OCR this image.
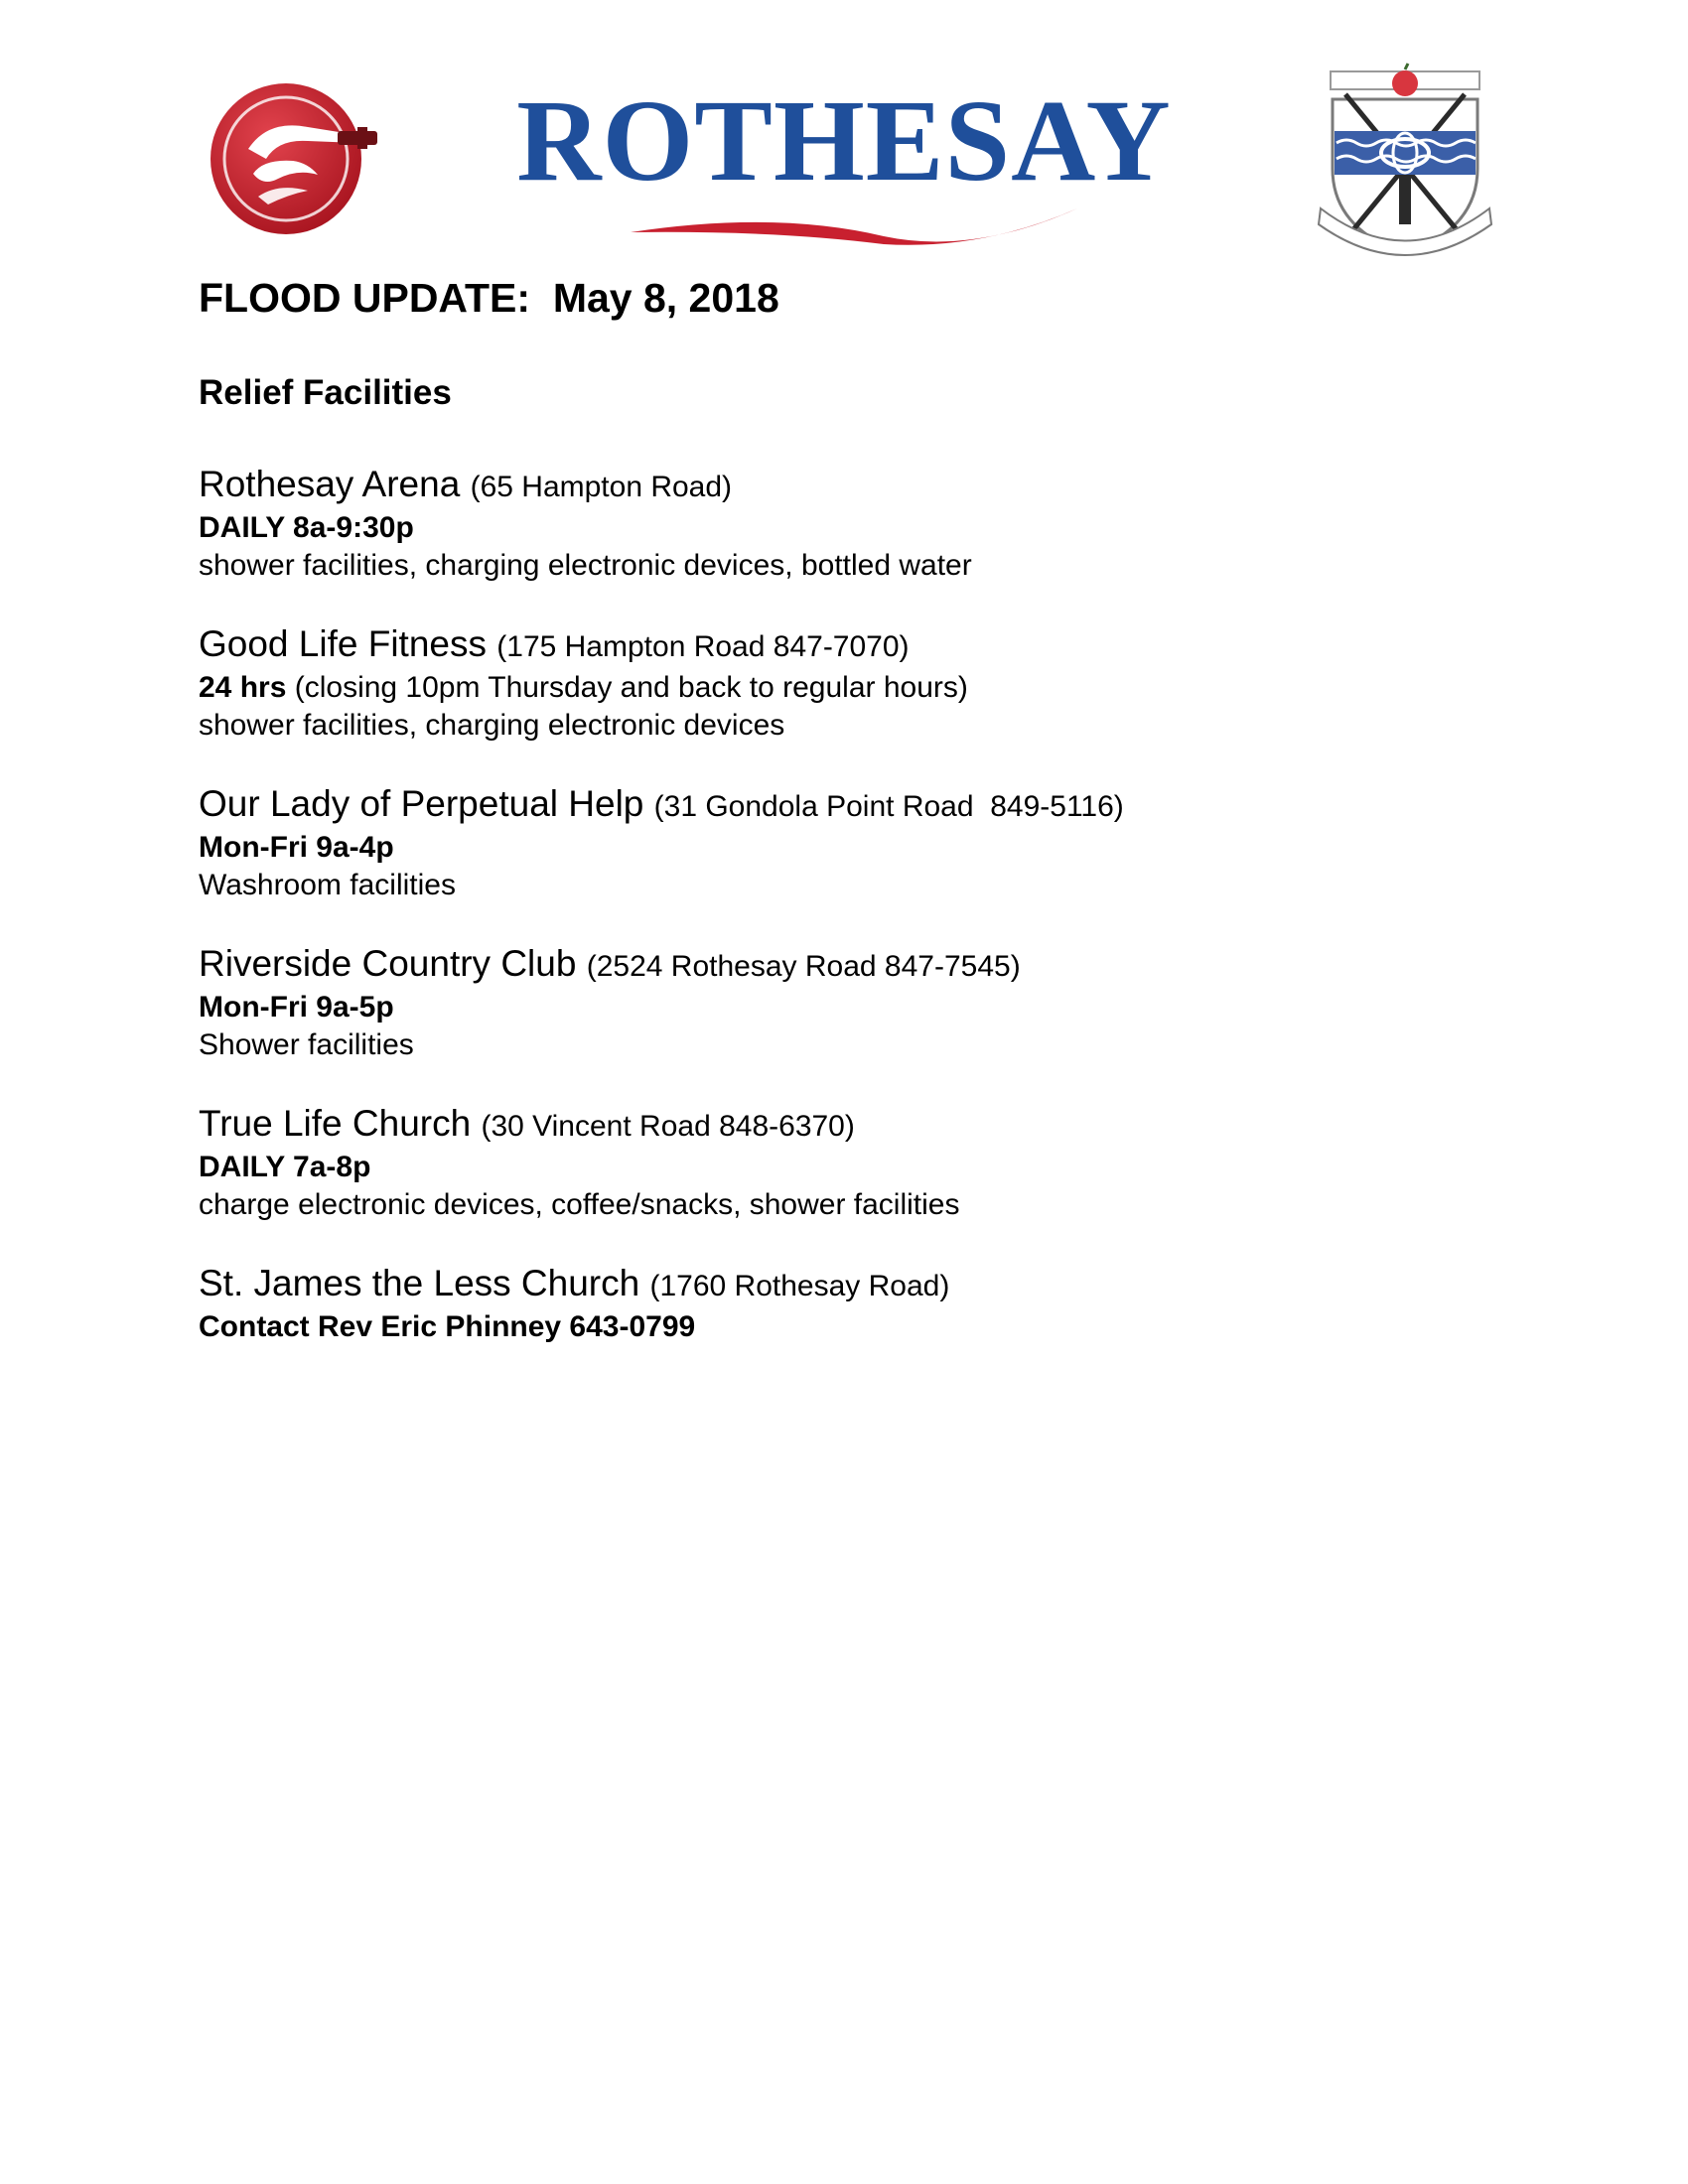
ROTHESAY
FLOOD UPDATE:  May 8, 2018
Relief Facilities
Rothesay Arena (65 Hampton Road)
DAILY 8a-9:30p
shower facilities, charging electronic devices, bottled water
Good Life Fitness (175 Hampton Road 847-7070)
24 hrs (closing 10pm Thursday and back to regular hours)
shower facilities, charging electronic devices
Our Lady of Perpetual Help (31 Gondola Point Road  849-5116)
Mon-Fri 9a-4p
Washroom facilities
Riverside Country Club (2524 Rothesay Road 847-7545)
Mon-Fri 9a-5p
Shower facilities
True Life Church (30 Vincent Road 848-6370)
DAILY 7a-8p
charge electronic devices, coffee/snacks, shower facilities
St. James the Less Church (1760 Rothesay Road)
Contact Rev Eric Phinney 643-0799
